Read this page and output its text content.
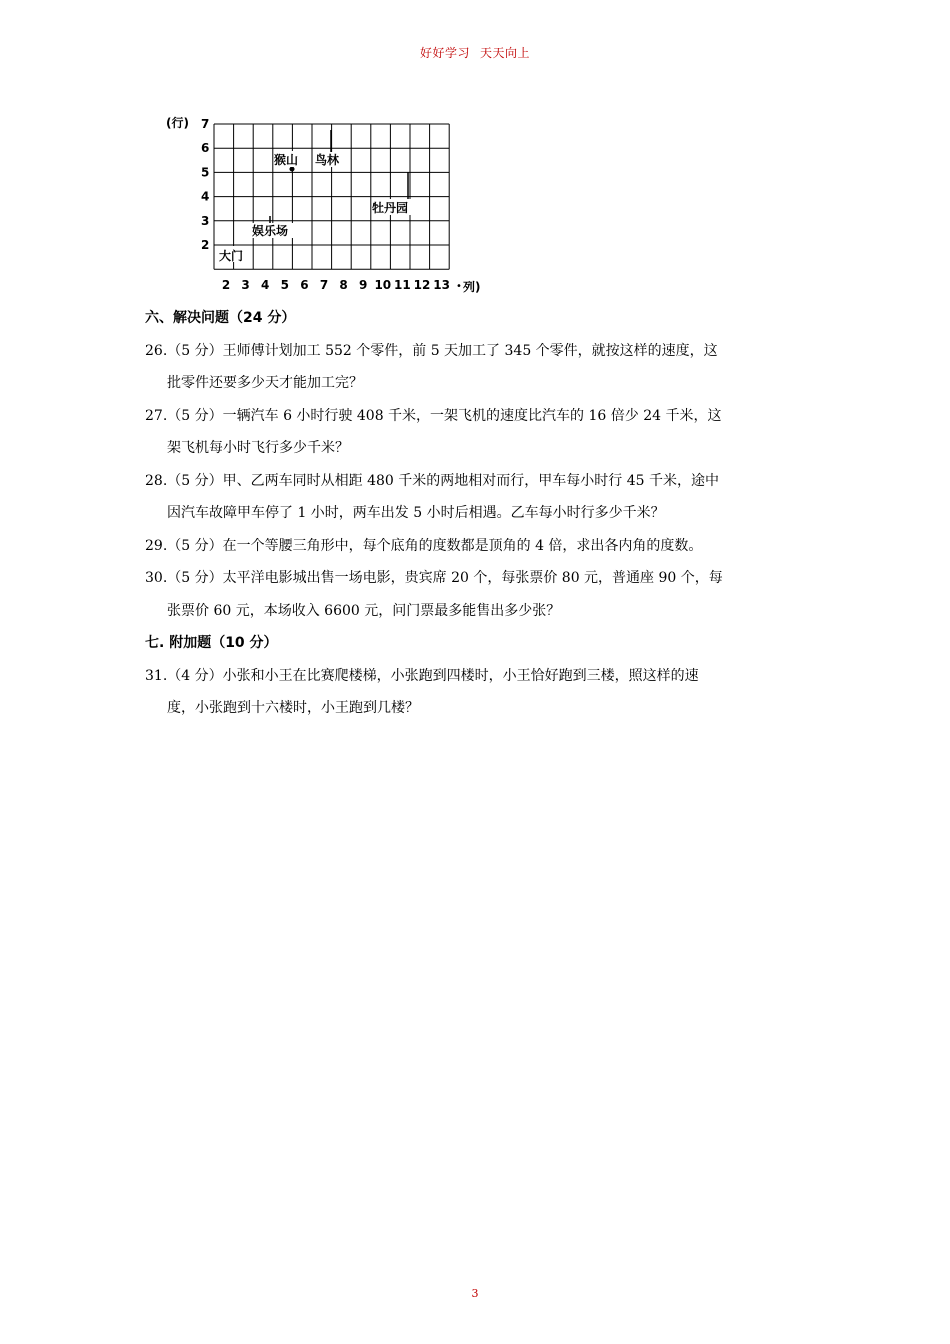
好好学习 天天向上
(行) 7
6
5
4
3
2
2 3 4 5 6 7 8 9 10 11 12 13 • 列)
大门
娱乐场
猴山 鸟林
牡丹园
六、解决问题（24 分）
26.（5 分）王师傅计划加工 552 个零件，前 5 天加工了 345 个零件，就按这样的速度，这
批零件还要多少天才能加工完？
27.（5 分）一辆汽车 6 小时行驶 408 千米，一架飞机的速度比汽车的 16 倍少 24 千米，这
架飞机每小时飞行多少千米？
28.（5 分）甲、乙两车同时从相距 480 千米的两地相对而行，甲车每小时行 45 千米，途中
因汽车故障甲车停了 1 小时，两车出发 5 小时后相遇。乙车每小时行多少千米？
29.（5 分）在一个等腰三角形中，每个底角的度数都是顶角的 4 倍，求出各内角的度数。
30.（5 分）太平洋电影城出售一场电影，贵宾席 20 个，每张票价 80 元，普通座 90 个，每
张票价 60 元，本场收入 6600 元，问门票最多能售出多少张？
七. 附加题（10 分）
31.（4 分）小张和小王在比赛爬楼梯，小张跑到四楼时，小王恰好跑到三楼，照这样的速
度，小张跑到十六楼时，小王跑到几楼？
3
